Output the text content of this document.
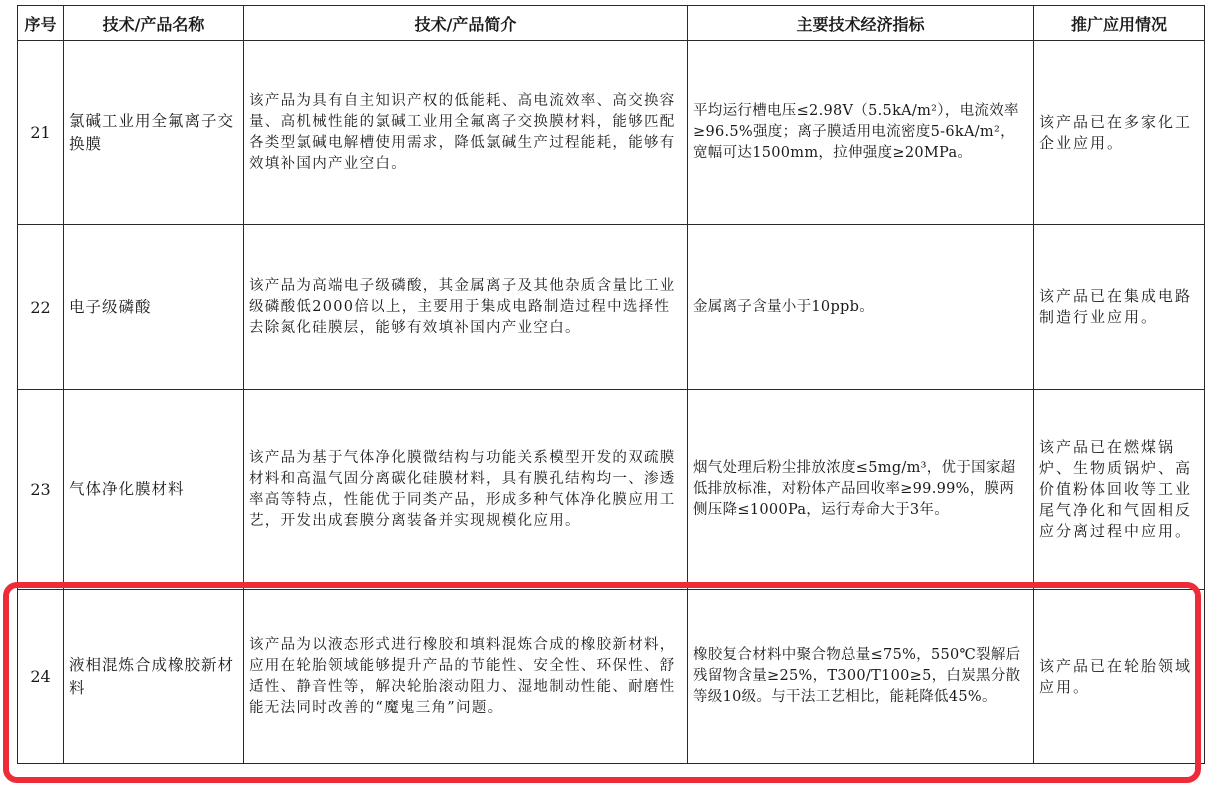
序号	技术/产品名称	技术/产品简介	主要技术经济指标	推广应用情况
21	氯碱工业用全氟离子交换膜	该产品为具有自主知识产权的低能耗、高电流效率、高交换容量、高机械性能的氯碱工业用全氟离子交换膜材料，能够匹配各类型氯碱电解槽使用需求，降低氯碱生产过程能耗，能够有效填补国内产业空白。	平均运行槽电压≤2.98V（5.5kA/m²），电流效率≥96.5%强度；离子膜适用电流密度5-6kA/m²，宽幅可达1500mm，拉伸强度≥20MPa。	该产品已在多家化工企业应用。
22	电子级磷酸	该产品为高端电子级磷酸，其金属离子及其他杂质含量比工业级磷酸低2000倍以上，主要用于集成电路制造过程中选择性去除氮化硅膜层，能够有效填补国内产业空白。	金属离子含量小于10ppb。	该产品已在集成电路制造行业应用。
23	气体净化膜材料	该产品为基于气体净化膜微结构与功能关系模型开发的双疏膜材料和高温气固分离碳化硅膜材料，具有膜孔结构均一、渗透率高等特点，性能优于同类产品，形成多种气体净化膜应用工艺，开发出成套膜分离装备并实现规模化应用。	烟气处理后粉尘排放浓度≤5mg/m³，优于国家超低排放标准，对粉体产品回收率≥99.99%，膜两侧压降≤1000Pa，运行寿命大于3年。	该产品已在燃煤锅炉、生物质锅炉、高价值粉体回收等工业尾气净化和气固相反应分离过程中应用。
24	液相混炼合成橡胶新材料	该产品为以液态形式进行橡胶和填料混炼合成的橡胶新材料，应用在轮胎领域能够提升产品的节能性、安全性、环保性、舒适性、静音性等，解决轮胎滚动阻力、湿地制动性能、耐磨性能无法同时改善的“魔鬼三角”问题。	橡胶复合材料中聚合物总量≤75%，550℃裂解后残留物含量≥25%，T300/T100≥5，白炭黑分散等级10级。与干法工艺相比，能耗降低45%。	该产品已在轮胎领域应用。
